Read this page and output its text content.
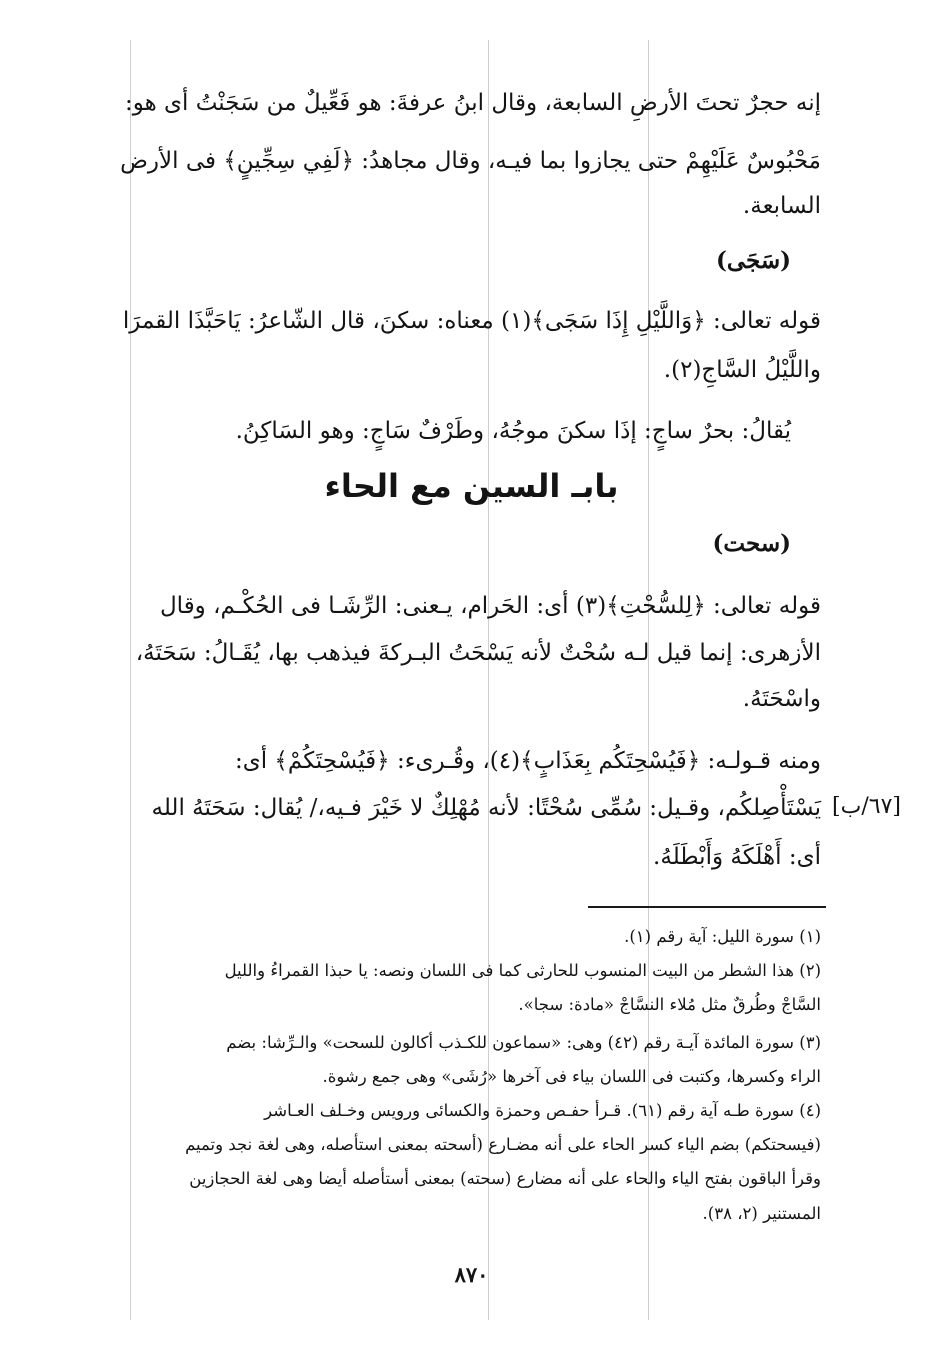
إنه حجرٌ تحتَ الأرضِ السابعة، وقال ابنُ عرفةَ: هو فَعِّيلٌ من سَجَنْتُ أى هو:
مَحْبُوسٌ عَلَيْهِمْ حتى يجازوا بما فيـه، وقال مجاهدُ: ﴿لَفِي سِجِّينٍ﴾ فى الأرض
السابعة.
(سَجَى)
قوله تعالى: ﴿وَاللَّيْلِ إِذَا سَجَى﴾(١) معناه: سكنَ، قال الشّاعرُ: يَاحَبَّذَا القمرَا
واللَّيْلُ السَّاجِ(٢).
يُقالُ: بحرٌ ساجٍ: إذَا سكنَ موجُهُ، وطَرْفٌ سَاجٍ: وهو السَاكِنُ.
بابـ السين مع الحاء
(سحت)
قوله تعالى: ﴿لِلسُّحْتِ﴾(٣) أى: الحَرام، يـعنى: الرِّشَـا فى الحُكْـم، وقال
الأزهرى: إنما قيل لـه سُحْتٌ لأنه يَسْحَتُ البـركةَ فيذهب بها، يُقَـالُ: سَحَتَهُ،
واسْحَتَهُ.
ومنه قـولـه: ﴿فَيُسْحِتَكُم بِعَذَابٍ﴾(٤)، وقُـرىء: ﴿فَيُسْحِتَكُمْ﴾ أى:
يَسْتَأْصِلكُم، وقـيل: سُمِّى سُحْتًا: لأنه مُهْلِكٌ لا خَيْرَ فـيه،/ يُقال: سَحَتَهُ الله
أى: أَهْلَكَهُ وَأَبْطَلَهُ.
[٦٧/ب]
(١) سورة الليل: آية رقم (١).
(٢) هذا الشطر من البيت المنسوب للحارثى كما فى اللسان ونصه: يا حبذا القمراءُ والليل
السَّاجْ وطُرقٌ مثل مُلاء النسَّاجْ «مادة: سجا».
(٣) سورة المائدة آيـة رقم (٤٢) وهى: «سماعون للكـذب أكالون للسحت» والـرِّشا: بضم
الراء وكسرها، وكتبت فى اللسان بياء فى آخرها «رُشَى» وهى جمع رشوة.
(٤) سورة طـه آية رقم (٦١). قـرأ حفـص وحمزة والكسائى ورويس وخـلف العـاشر
(فيسحتكم) بضم الياء كسر الحاء على أنه مضـارع (أسحته بمعنى استأصله، وهى لغة نجد وتميم
وقرأ الباقون بفتح الياء والحاء على أنه مضارع (سحته) بمعنى أستأصله أيضا وهى لغة الحجازين
المستنير (٢، ٣٨).
٨٧٠
